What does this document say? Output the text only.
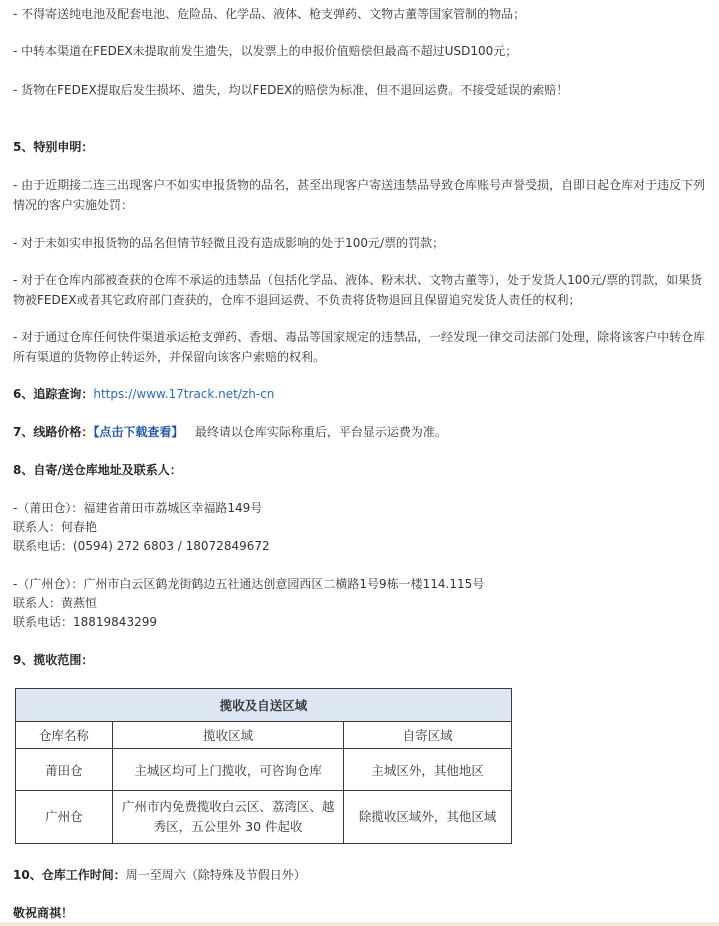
- 不得寄送纯电池及配套电池、危险品、化学品、液体、枪支弹药、文物古董等国家管制的物品；
- 中转本渠道在FEDEX未提取前发生遗失，以发票上的申报价值赔偿但最高不超过USD100元；
- 货物在FEDEX提取后发生损坏、遗失，均以FEDEX的赔偿为标准，但不退回运费。不接受延误的索赔！
5、特别申明：
- 由于近期接二连三出现客户不如实申报货物的品名，甚至出现客户寄送违禁品导致仓库账号声誉受损，自即日起仓库对于违反下列情况的客户实施处罚：
- 对于未如实申报货物的品名但情节轻微且没有造成影响的处于100元/票的罚款；
- 对于在仓库内部被查获的仓库不承运的违禁品（包括化学品、液体、粉末状、文物古董等），处于发货人100元/票的罚款，如果货物被FEDEX或者其它政府部门查获的，仓库不退回运费、不负责将货物退回且保留追究发货人责任的权利；
- 对于通过仓库任何快件渠道承运枪支弹药、香烟、毒品等国家规定的违禁品，一经发现一律交司法部门处理，除将该客户中转仓库所有渠道的货物停止转运外，并保留向该客户索赔的权利。
6、追踪查询：https://www.17track.net/zh-cn
7、线路价格：【点击下载查看】 最终请以仓库实际称重后，平台显示运费为准。
8、自寄/送仓库地址及联系人：
-（莆田仓）：福建省莆田市荔城区幸福路149号
联系人：何春艳
联系电话：(0594) 272 6803 / 18072849672
-（广州仓）：广州市白云区鹤龙街鹤边五社通达创意园西区二横路1号9栋一楼114.115号
联系人：黄燕恒
联系电话：18819843299
9、揽收范围：
揽收及自送区域		
仓库名称	揽收区域	自寄区域
莆田仓	主城区均可上门揽收，可咨询仓库	主城区外，其他地区
广州仓	广州市内免费揽收白云区、荔湾区、越秀区，五公里外 30 件起收	除揽收区域外，其他区域
10、仓库工作时间：周一至周六（除特殊及节假日外）
敬祝商祺！
